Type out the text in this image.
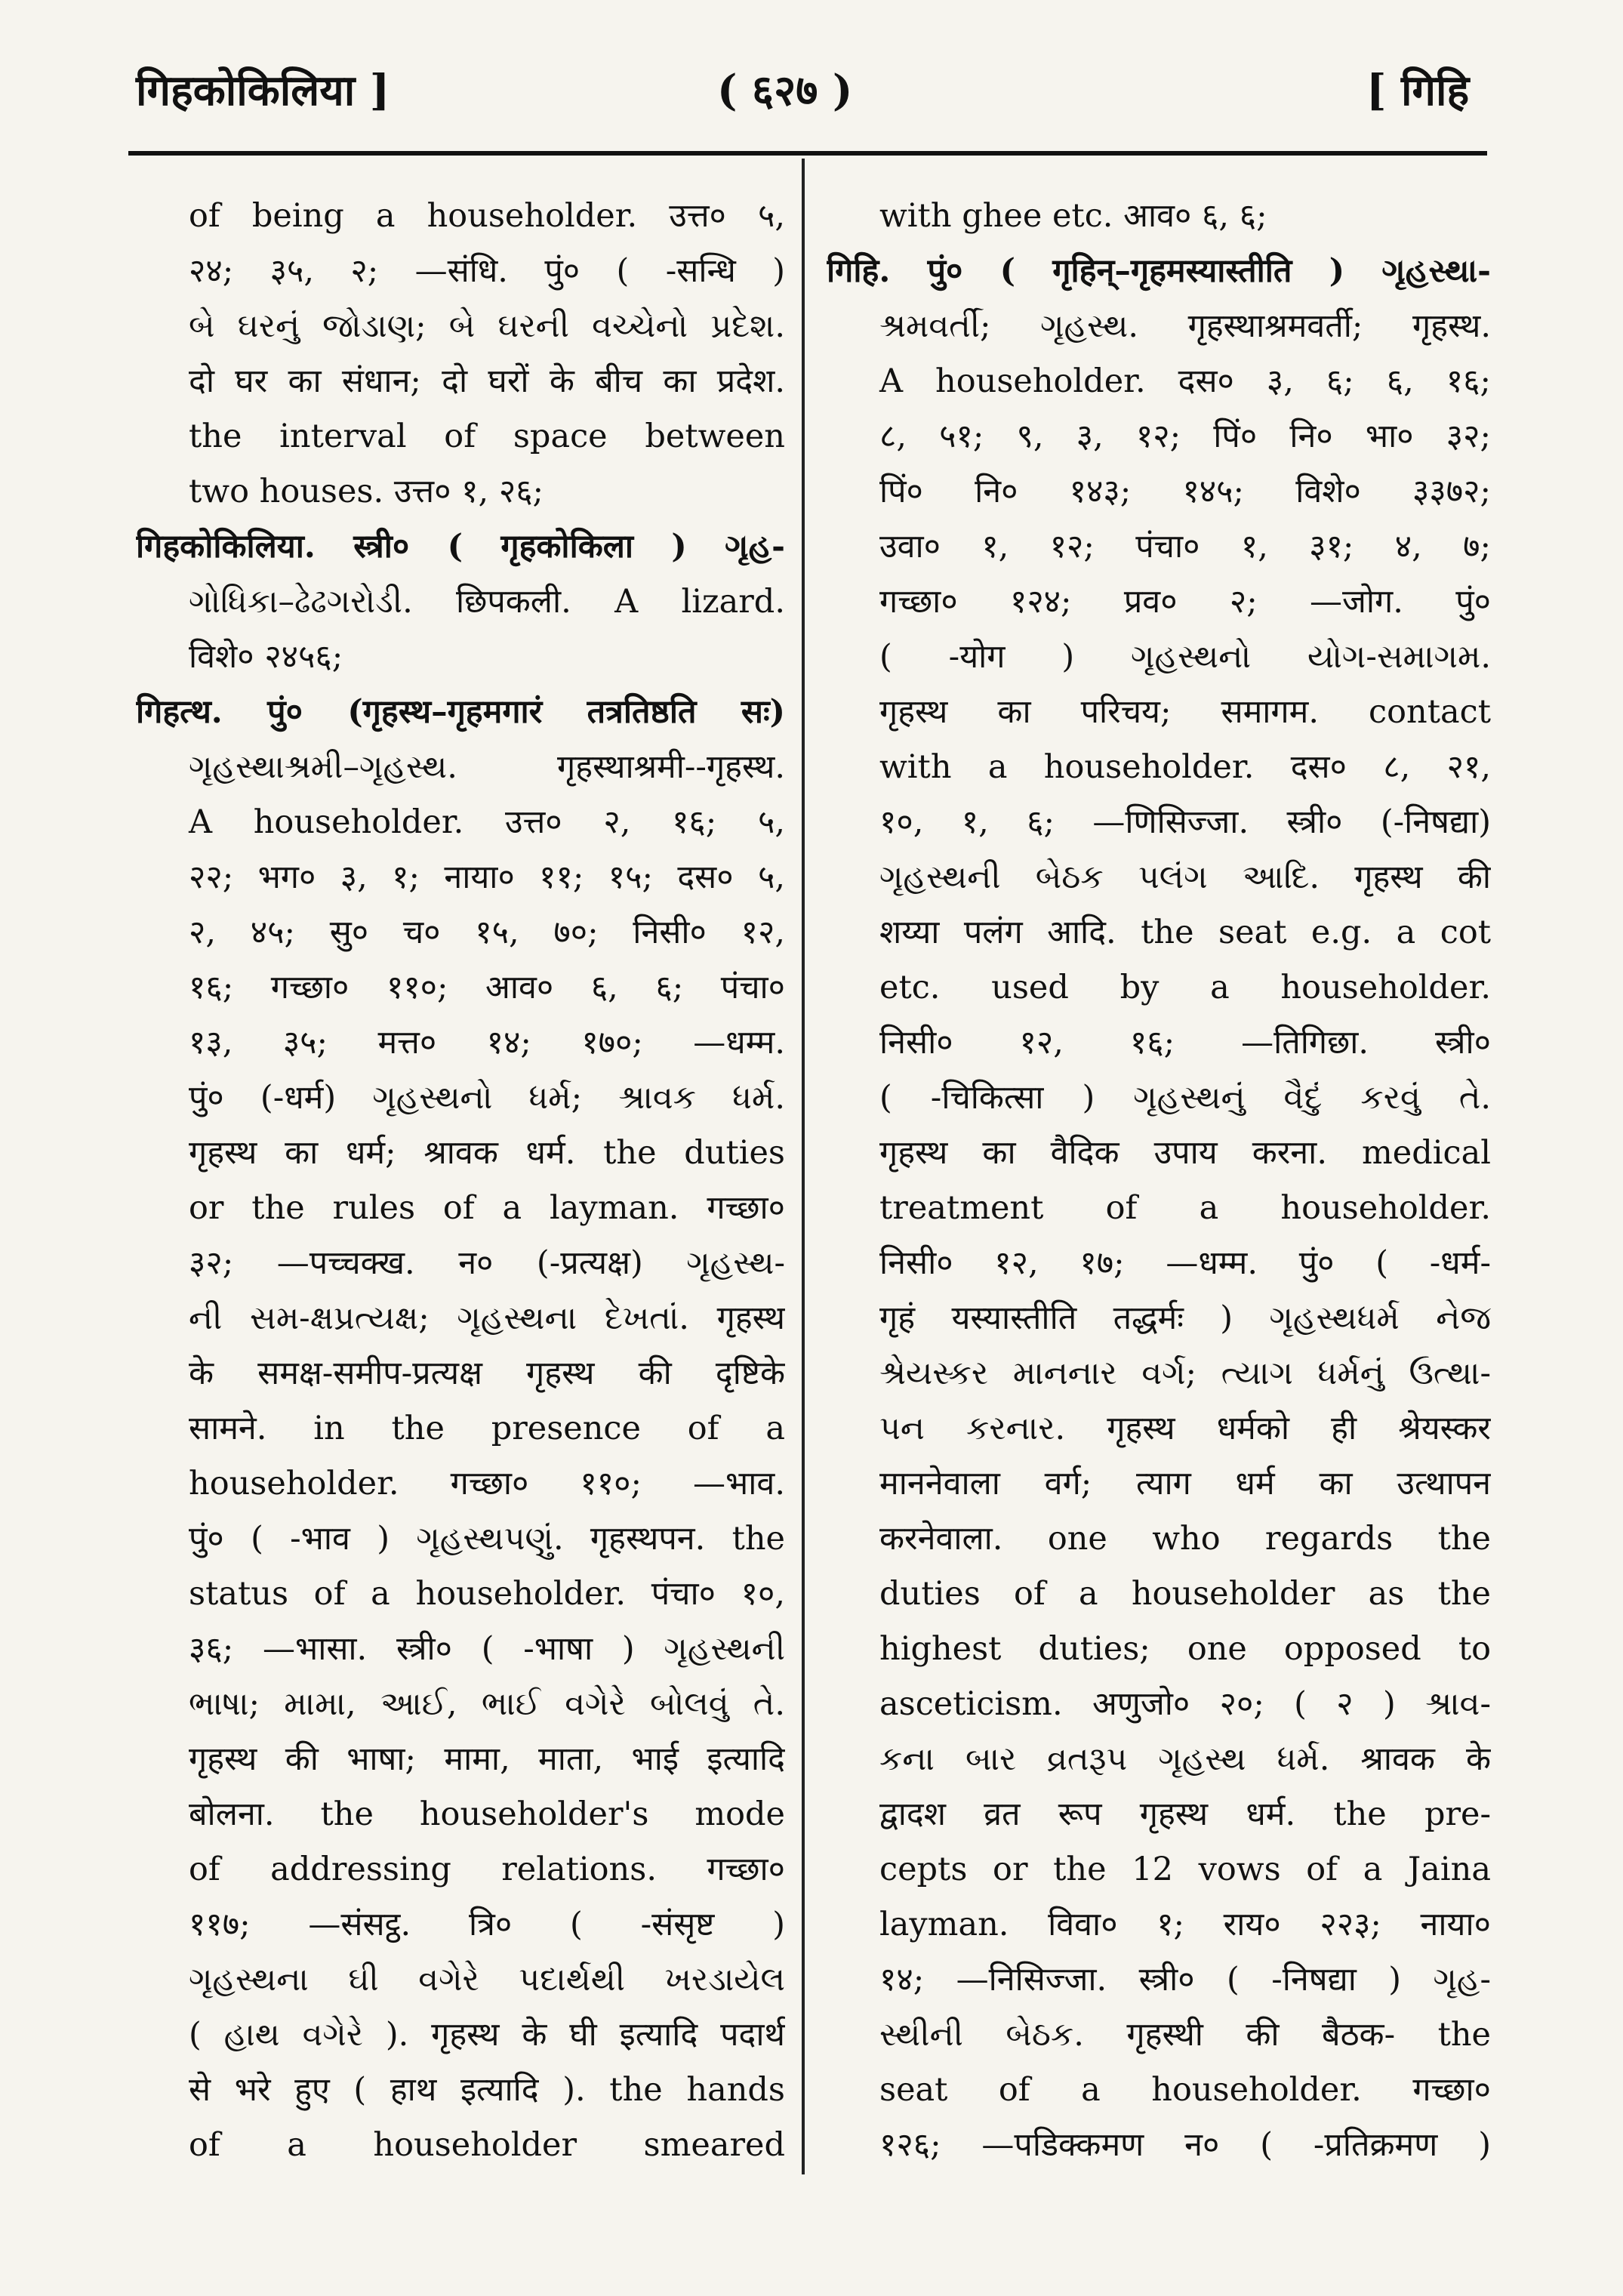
गिहकोकिलिया ]	( ६२७ )	[ गिहि
of being a householder. उत्त० ५,
२४; ३५, २; —संधि. पुं० ( -सन्धि )
બે ઘરનું જોડાણ; બે ઘરની વચ્ચેનો પ્રદેશ.
दो घर का संधान; दो घरों के बीच का प्रदेश.
the interval of space between
two houses. उत्त० १, २६;
गिहकोकिलिया. स्त्री० ( गृहकोकिला ) ગૃહ-
ગોધિકા–ઢેઢગરોડી. छिपकली. A lizard.
विशे० २४५६;
गिहत्थ. पुं० (गृहस्थ–गृहमगारं तत्रतिष्ठति सः)
ગૃહસ્થાશ્રમી–ગૃહસ્થ. गृहस्थाश्रमी--गृहस्थ.
A householder. उत्त० २, १६; ५,
२२; भग० ३, १; नाया० ११; १५; दस० ५,
२, ४५; सु० च० १५, ७०; निसी० १२,
१६; गच्छा० ११०; आव० ६, ६; पंचा०
१३, ३५; मत्त० १४; १७०; —धम्म.
पुं० (-धर्म) ગૃહસ્થનો ધર્મ; શ્રાવક ધર્મ.
गृहस्थ का धर्म; श्रावक धर्म. the duties
or the rules of a layman. गच्छा०
३२; —पच्चक्ख. न० (-प्रत्यक्ष) ગૃહસ્થ-
ની સમ-ક્ષપ્રત્યક્ષ; ગૃહસ્થના દેખતાં. गृहस्थ
के समक्ष-समीप-प्रत्यक्ष गृहस्थ की दृष्टिके
सामने. in the presence of a
householder. गच्छा० ११०; —भाव.
पुं० ( -भाव ) ગૃહસ્થપણું. गृहस्थपन. the
status of a householder. पंचा० १०,
३६; —भासा. स्त्री० ( -भाषा ) ગૃહસ્થની
ભાષા; મામા, આઈ, ભાઈ વગેરે બોલવું તે.
गृहस्थ की भाषा; मामा, माता, भाई इत्यादि
बोलना. the householder's mode
of addressing relations. गच्छा०
११७; —संसट्ठ. त्रि० ( -संसृष्ट )
ગૃહસ્થના ઘી વગેરે પદાર્થથી ખરડાયેલ
( હાથ વગેરે ). गृहस्थ के घी इत्यादि पदार्थ
से भरे हुए ( हाथ इत्यादि ). the hands
of a householder smeared
with ghee etc. आव० ६, ६;
गिहि. पुं० ( गृहिन्–गृहमस्यास्तीति ) ગૃહસ્થા-
શ્રમવર્તી; ગૃહસ્થ. गृहस्थाश्रमवर्ती; गृहस्थ.
A householder. दस० ३, ६; ६, १६;
८, ५१; ९, ३, १२; पिं० नि० भा० ३२;
पिं० नि० १४३; १४५; विशे० ३३७२;
उवा० १, १२; पंचा० १, ३१; ४, ७;
गच्छा० १२४; प्रव० २; —जोग. पुं०
( -योग ) ગૃહસ્થનો યોગ-સમાગમ.
गृहस्थ का परिचय; समागम. contact
with a householder. दस० ८, २१,
१०, १, ६; —णिसिज्जा. स्त्री० (-निषद्या)
ગૃહસ્થની બેઠક પલંગ આદિ. गृहस्थ की
शय्या पलंग आदि. the seat e.g. a cot
etc. used by a householder.
निसी० १२, १६; —तिगिछा. स्त्री०
( -चिकित्सा ) ગૃહસ્થનું વૈદું કરવું તે.
गृहस्थ का वैदिक उपाय करना. medical
treatment of a householder.
निसी० १२, १७; —धम्म. पुं० ( -धर्म-
गृहं यस्यास्तीति तद्धर्मः ) ગૃહસ્થધર્મ નેજ
શ્રેયસ્કર માનનાર વર્ગ; ત્યાગ ધર્મનું ઉત્થા-
પન કરનાર. गृहस्थ धर्मको ही श्रेयस्कर
माननेवाला वर्ग; त्याग धर्म का उत्थापन
करनेवाला. one who regards the
duties of a householder as the
highest duties; one opposed to
asceticism. अणुजो० २०; ( २ ) શ્રાવ-
કના બાર વ્રતરૂપ ગૃહસ્થ ધર્મ. श्रावक के
द्वादश व्रत रूप गृहस्थ धर्म. the pre-
cepts or the 12 vows of a Jaina
layman. विवा० १; राय० २२३; नाया०
१४; —निसिज्जा. स्त्री० ( -निषद्या ) ગૃહ-
સ્થીની બેઠક. गृहस्थी की बैठक- the
seat of a householder. गच्छा०
१२६; —पडिक्कमण न० ( -प्रतिक्रमण )
